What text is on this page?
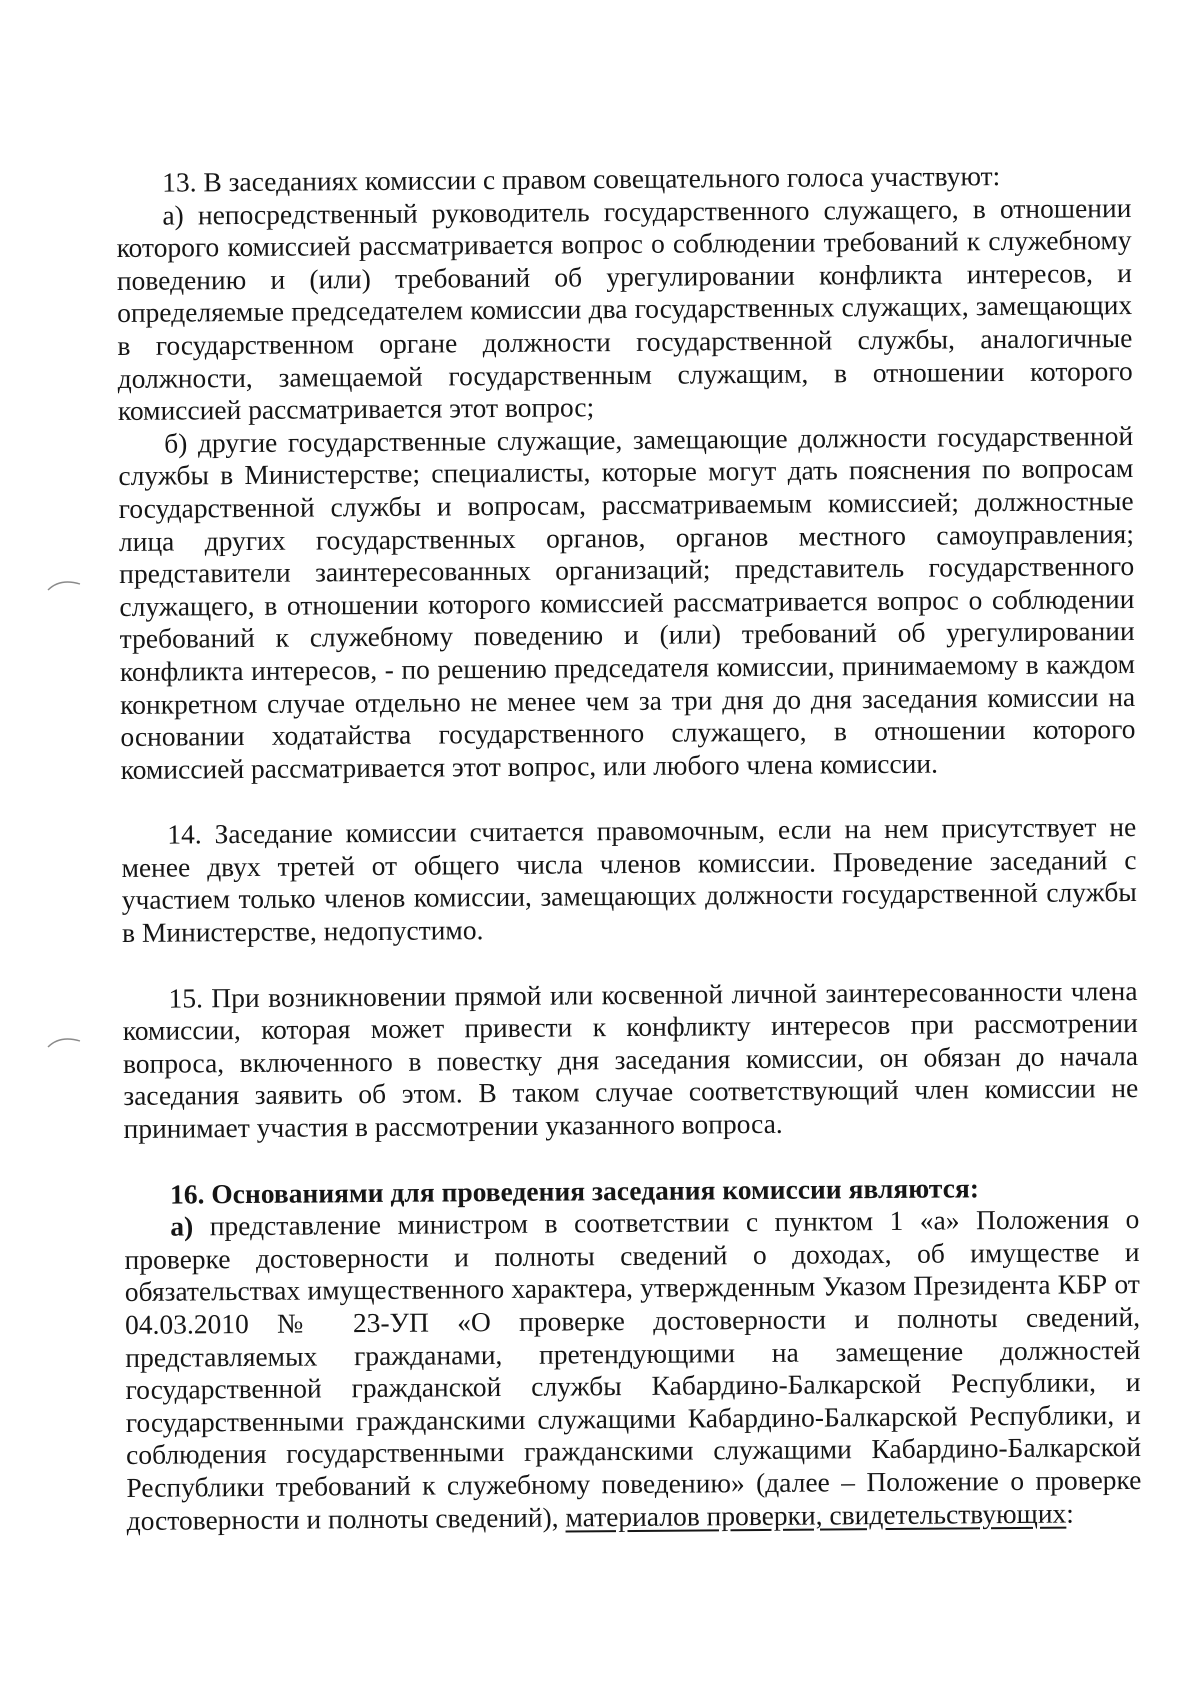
13. В заседаниях комиссии с правом совещательного голоса участвуют:

а) непосредственный руководитель государственного служащего, в отношении которого комиссией рассматривается вопрос о соблюдении требований к служебному поведению и (или) требований об урегулировании конфликта интересов, и определяемые председателем комиссии два государственных служащих, замещающих в государственном органе должности государственной службы, аналогичные должности, замещаемой государственным служащим, в отношении которого комиссией рассматривается этот вопрос;

б) другие государственные служащие, замещающие должности государственной службы в Министерстве; специалисты, которые могут дать пояснения по вопросам государственной службы и вопросам, рассматриваемым комиссией; должностные лица других государственных органов, органов местного самоуправления; представители заинтересованных организаций; представитель государственного служащего, в отношении которого комиссией рассматривается вопрос о соблюдении требований к служебному поведению и (или) требований об урегулировании конфликта интересов, - по решению председателя комиссии, принимаемому в каждом конкретном случае отдельно не менее чем за три дня до дня заседания комиссии на основании ходатайства государственного служащего, в отношении которого комиссией рассматривается этот вопрос, или любого члена комиссии.

14. Заседание комиссии считается правомочным, если на нем присутствует не менее двух третей от общего числа членов комиссии. Проведение заседаний с участием только членов комиссии, замещающих должности государственной службы в Министерстве, недопустимо.

15. При возникновении прямой или косвенной личной заинтересованности члена комиссии, которая может привести к конфликту интересов при рассмотрении вопроса, включенного в повестку дня заседания комиссии, он обязан до начала заседания заявить об этом. В таком случае соответствующий член комиссии не принимает участия в рассмотрении указанного вопроса.

16. Основаниями для проведения заседания комиссии являются:

а) представление министром в соответствии с пунктом 1 «а» Положения о проверке достоверности и полноты сведений о доходах, об имуществе и обязательствах имущественного характера, утвержденным Указом Президента КБР от 04.03.2010 № 23-УП «О проверке достоверности и полноты сведений, представляемых гражданами, претендующими на замещение должностей государственной гражданской службы Кабардино-Балкарской Республики, и государственными гражданскими служащими Кабардино-Балкарской Республики, и соблюдения государственными гражданскими служащими Кабардино-Балкарской Республики требований к служебному поведению» (далее – Положение о проверке достоверности и полноты сведений), материалов проверки, свидетельствующих:
